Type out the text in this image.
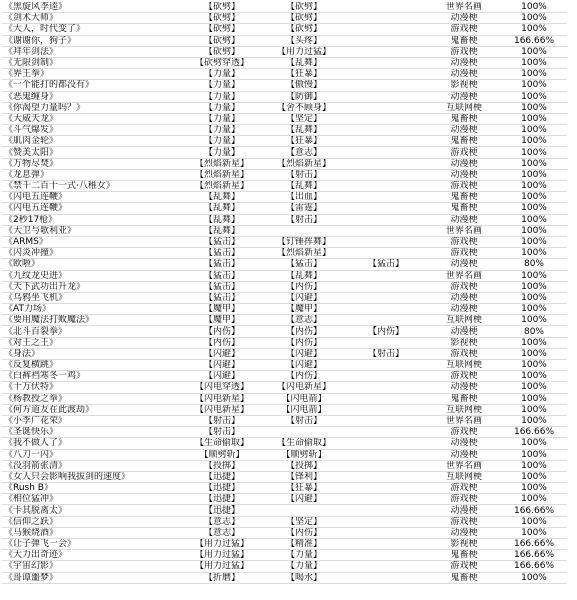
《黑旋风李逵》	【砍劈】	【砍劈】		世界名画	100%
《剑术大师》	【砍劈】	【砍劈】		动漫梗	100%
《大人，时代变了》	【砍劈】	【砍劈】		游戏梗	100%
《谢谢你，狗子》	【砍劈】	【头疼】		鬼畜梗	166.66%
《拜年剑法》	【砍劈】	【用力过猛】		游戏梗	100%
《无限剑制》	【砍劈穿透】	【乱舞】		动漫梗	100%
《界王拳》	【力量】	【狂暴】		动漫梗	100%
《一个能打的都没有》	【力量】	【傲慢】		影视梗	100%
《恶鬼缠身》	【力量】	【防御】		动漫梗	100%
《你渴望力量吗？》	【力量】	【舍不顾身】		互联网梗	100%
《大威天龙》	【力量】	【坚定】		鬼畜梗	100%
《斗气爆发》	【力量】	【乱舞】		动漫梗	100%
《肌肉金轮》	【力量】	【狂暴】		鬼畜梗	100%
《赞美太阳》	【力量】	【意志】		游戏梗	100%
《万物尽焚》	【烈焰新星】	【烈焰新星】		动漫梗	100%
《龙息弹》	【烈焰新星】	【射击】		动漫梗	100%
《禁千二百十一式·八稚女》	【烈焰新星】	【乱舞】		游戏梗	100%
《闪电五连鞭》	【乱舞】	【出血】		鬼畜梗	100%
《闪电五连鞭》	【乱舞】	【雷霆】		鬼畜梗	100%
《2秒17枪》	【乱舞】	【射击】		动漫梗	100%
《大卫与歌利亚》	【乱舞】			世界名画	100%
《ARMS》	【猛击】	【钉锤挥舞】		游戏梗	100%
《闪炎冲撞》	【猛击】	【烈焰新星】		游戏梗	100%
《欧啦》	【猛击】	【猛击】	【猛击】	动漫梗	80%
《九纹龙史进》	【猛击】	【乱舞】		世界名画	100%
《天下武功出升龙》	【猛击】	【内伤】		游戏梗	100%
《乌鸦坐飞机》	【猛击】	【闪避】		动漫梗	100%
《AT力场》	【魔甲】	【魔甲】		动漫梗	100%
《要用魔法打败魔法》	【魔甲】	【意志】		互联网梗	100%
《北斗百裂拳》	【内伤】	【内伤】	【内伤】	动漫梗	80%
《对王之王》	【内伤】	【内伤】		影视梗	100%
《身法》	【闪避】	【闪避】	【射击】	游戏梗	100%
《反复横跳》	【闪避】	【闪避】		互联网梗	100%
《白裤裆寒冬一鸡》	【闪避】	【内伤】		游戏梗	100%
《十万伏特》	【闪电穿透】	【闪电新星】		动漫梗	100%
《杨教授之拳》	【闪电新星】	【闪电箭】		鬼畜梗	100%
《何方道友在此渡劫》	【闪电新星】	【闪电箭】		互联网梗	100%
《小李广花荣》	【射击】	【射击】		世界名画	100%
《圣诞快乐》	【射击】			游戏梗	166.66%
《我不做人了》	【生命偷取】	【生命偷取】		动漫梗	100%
《八刀一闪》	【顺劈斩】	【顺劈斩】		动漫梗	100%
《没羽箭张清》	【投掷】	【投掷】		世界名画	100%
《女人只会影响我拔剑的速度》	【迅捷】	【锋利】		互联网梗	100%
《Rush B》	【迅捷】	【狂暴】		游戏梗	100%
《相位猛冲》	【迅捷】	【闪避】		游戏梗	100%
《卡其脱离太》	【迅捷】			动漫梗	166.66%
《信仰之跃》	【意志】	【坚定】		游戏梗	100%
《马猴烧酒》	【意志】	【内伤】		动漫梗	100%
《让子弹飞一会》	【用力过猛】	【精准】		影视梗	166.66%
《大力出奇迹》	【用力过猛】	【力量】		鬼畜梗	166.66%
《宇宙幻影》	【用力过猛】	【力量】		游戏梗	166.66%
《哥谭噩梦》	【折磨】	【喝水】		鬼畜梗	100%
